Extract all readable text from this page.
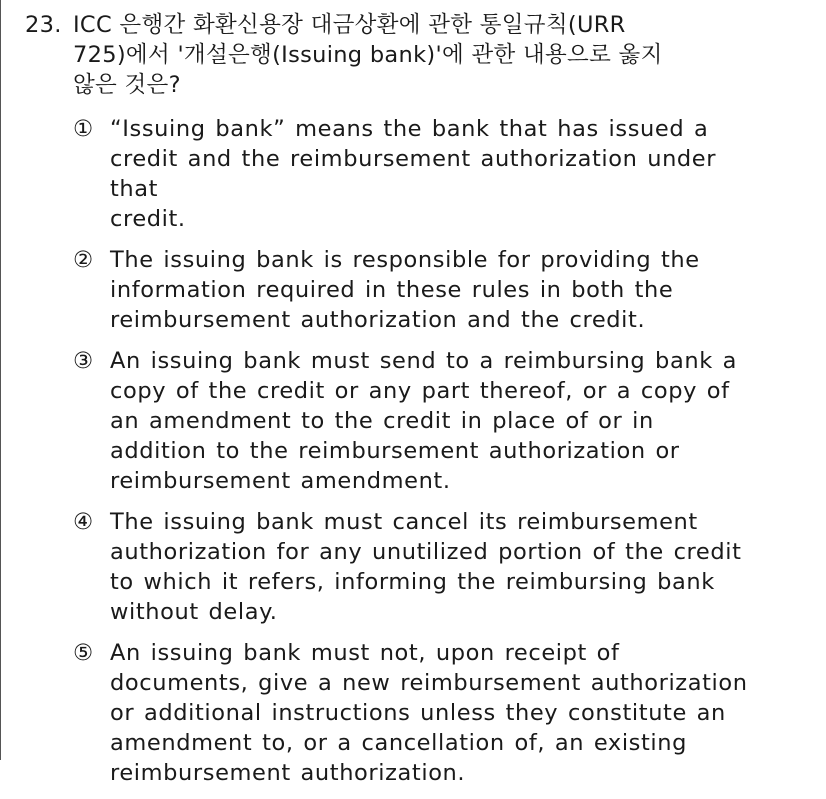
23. ICC 은행간 화환신용장 대금상환에 관한 통일규칙(URR
725)에서 '개설은행(Issuing bank)'에 관한 내용으로 옳지
않은 것은?
① “Issuing bank” means the bank that has issued a
credit and the reimbursement authorization under that
credit.
② The issuing bank is responsible for providing the
information required in these rules in both the
reimbursement authorization and the credit.
③ An issuing bank must send to a reimbursing bank a
copy of the credit or any part thereof, or a copy of
an amendment to the credit in place of or in
addition to the reimbursement authorization or
reimbursement amendment.
④ The issuing bank must cancel its reimbursement
authorization for any unutilized portion of the credit
to which it refers, informing the reimbursing bank
without delay.
⑤ An issuing bank must not, upon receipt of
documents, give a new reimbursement authorization
or additional instructions unless they constitute an
amendment to, or a cancellation of, an existing
reimbursement authorization.
